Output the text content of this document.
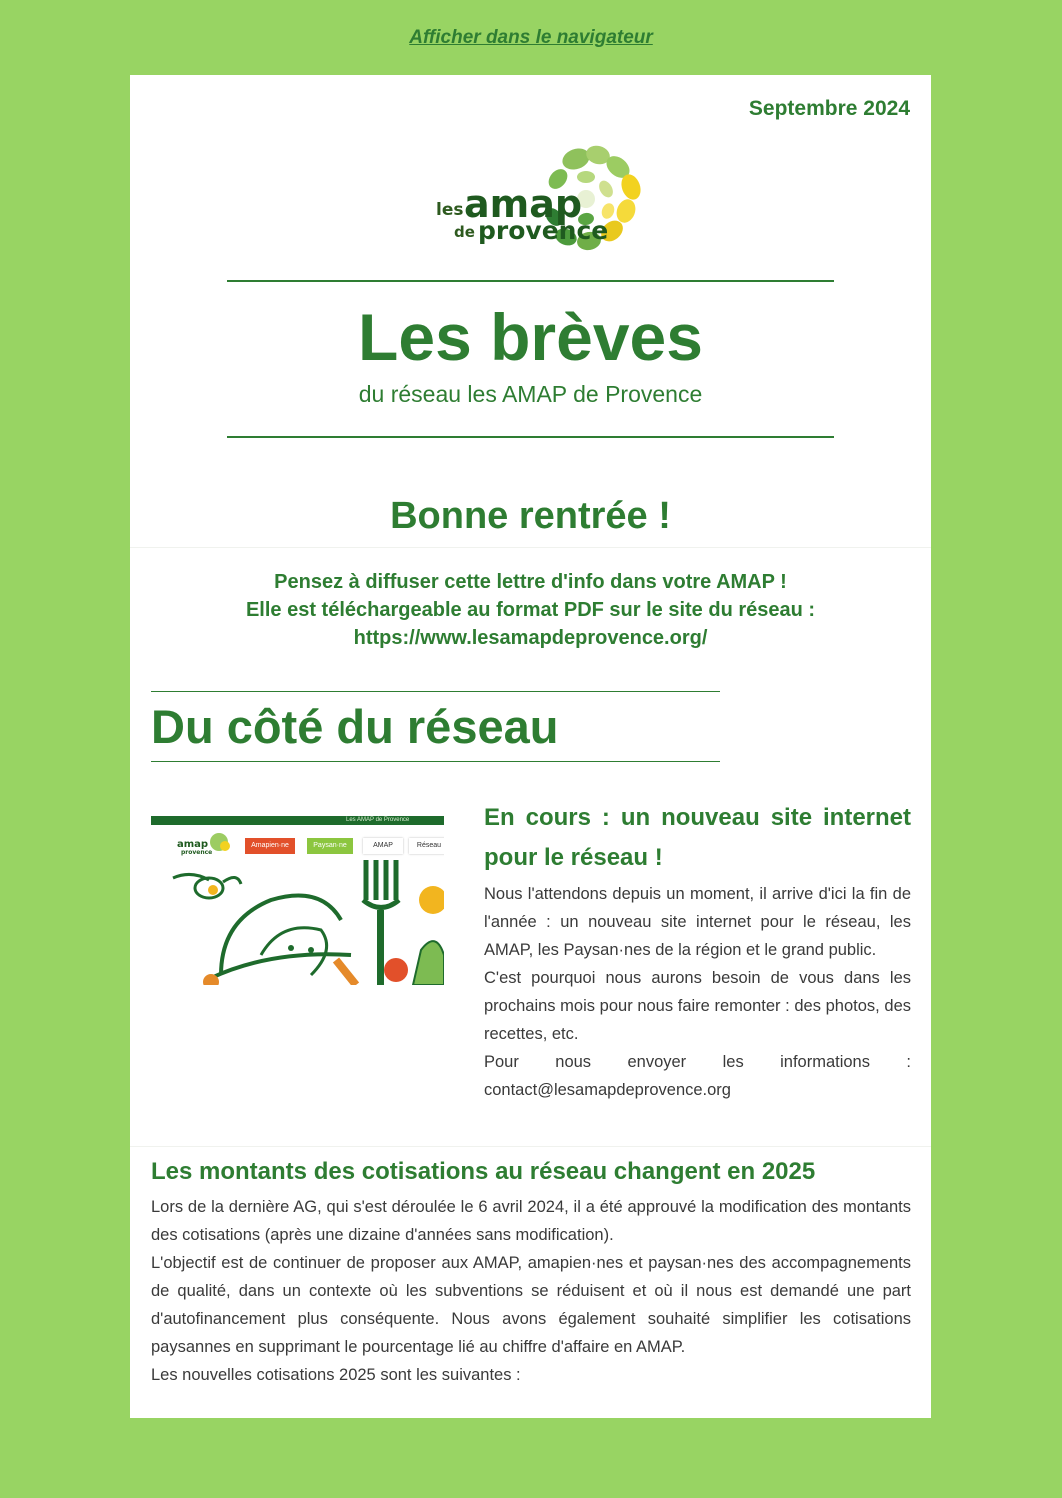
Afficher dans le navigateur
Septembre 2024
les amap
de provence
Les brèves
du réseau les AMAP de Provence
Bonne rentrée !
Pensez à diffuser cette lettre d'info dans votre AMAP !
Elle est téléchargeable au format PDF sur le site du réseau :
https://www.lesamapdeprovence.org/
Du côté du réseau
Les AMAP de Provence
amap
provence
Amapien·ne	Paysan·ne	AMAP	Réseau
En cours : un nouveau site internet pour le réseau !

Nous l'attendons depuis un moment, il arrive d'ici la fin de l'année : un nouveau site internet pour le réseau, les AMAP, les Paysan·nes de la région et le grand public.

C'est pourquoi nous aurons besoin de vous dans les prochains mois pour nous faire remonter : des photos, des recettes, etc.

Pour nous envoyer les informations :

contact@lesamapdeprovence.org

Les montants des cotisations au réseau changent en 2025

Lors de la dernière AG, qui s'est déroulée le 6 avril 2024, il a été approuvé la modification des montants des cotisations (après une dizaine d'années sans modification).

L'objectif est de continuer de proposer aux AMAP, amapien·nes et paysan·nes des accompagnements de qualité, dans un contexte où les subventions se réduisent et où il nous est demandé une part d'autofinancement plus conséquente. Nous avons également souhaité simplifier les cotisations paysannes en supprimant le pourcentage lié au chiffre d'affaire en AMAP.

Les nouvelles cotisations 2025 sont les suivantes :
